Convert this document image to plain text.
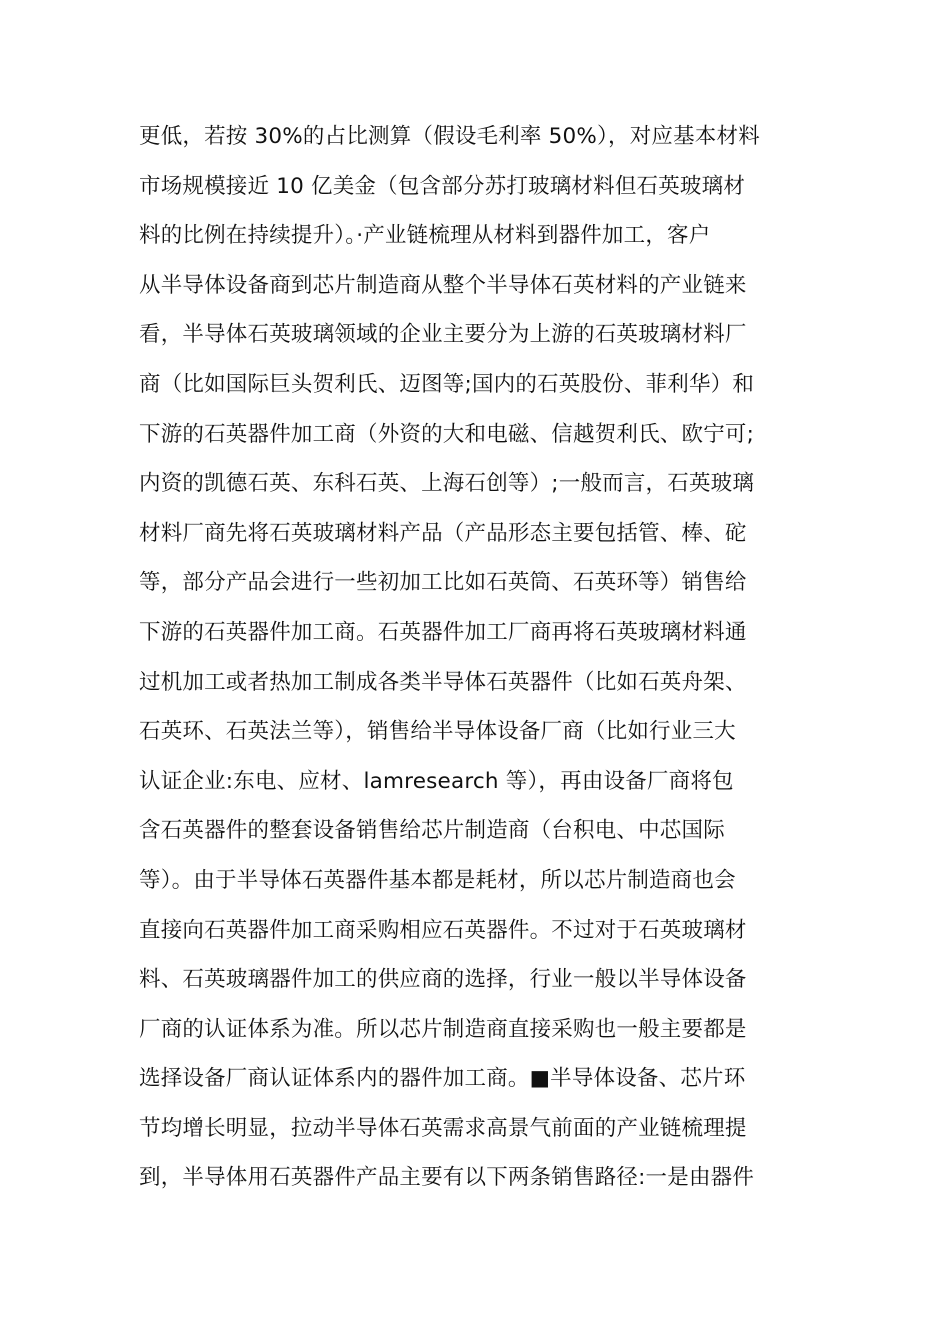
更低，若按 30%的占比测算（假设毛利率 50%），对应基本材料
市场规模接近 10 亿美金（包含部分苏打玻璃材料但石英玻璃材
料的比例在持续提升）。·产业链梳理从材料到器件加工，客户
从半导体设备商到芯片制造商从整个半导体石英材料的产业链来
看，半导体石英玻璃领域的企业主要分为上游的石英玻璃材料厂
商（比如国际巨头贺利氏、迈图等;国内的石英股份、菲利华）和
下游的石英器件加工商（外资的大和电磁、信越贺利氏、欧宁可;
内资的凯德石英、东科石英、上海石创等）;一般而言，石英玻璃
材料厂商先将石英玻璃材料产品（产品形态主要包括管、棒、砣
等，部分产品会进行一些初加工比如石英筒、石英环等）销售给
下游的石英器件加工商。石英器件加工厂商再将石英玻璃材料通
过机加工或者热加工制成各类半导体石英器件（比如石英舟架、
石英环、石英法兰等），销售给半导体设备厂商（比如行业三大
认证企业:东电、应材、lamresearch 等），再由设备厂商将包
含石英器件的整套设备销售给芯片制造商（台积电、中芯国际
等）。由于半导体石英器件基本都是耗材，所以芯片制造商也会
直接向石英器件加工商采购相应石英器件。不过对于石英玻璃材
料、石英玻璃器件加工的供应商的选择，行业一般以半导体设备
厂商的认证体系为准。所以芯片制造商直接采购也一般主要都是
选择设备厂商认证体系内的器件加工商。■半导体设备、芯片环
节均增长明显，拉动半导体石英需求高景气前面的产业链梳理提
到，半导体用石英器件产品主要有以下两条销售路径:一是由器件
